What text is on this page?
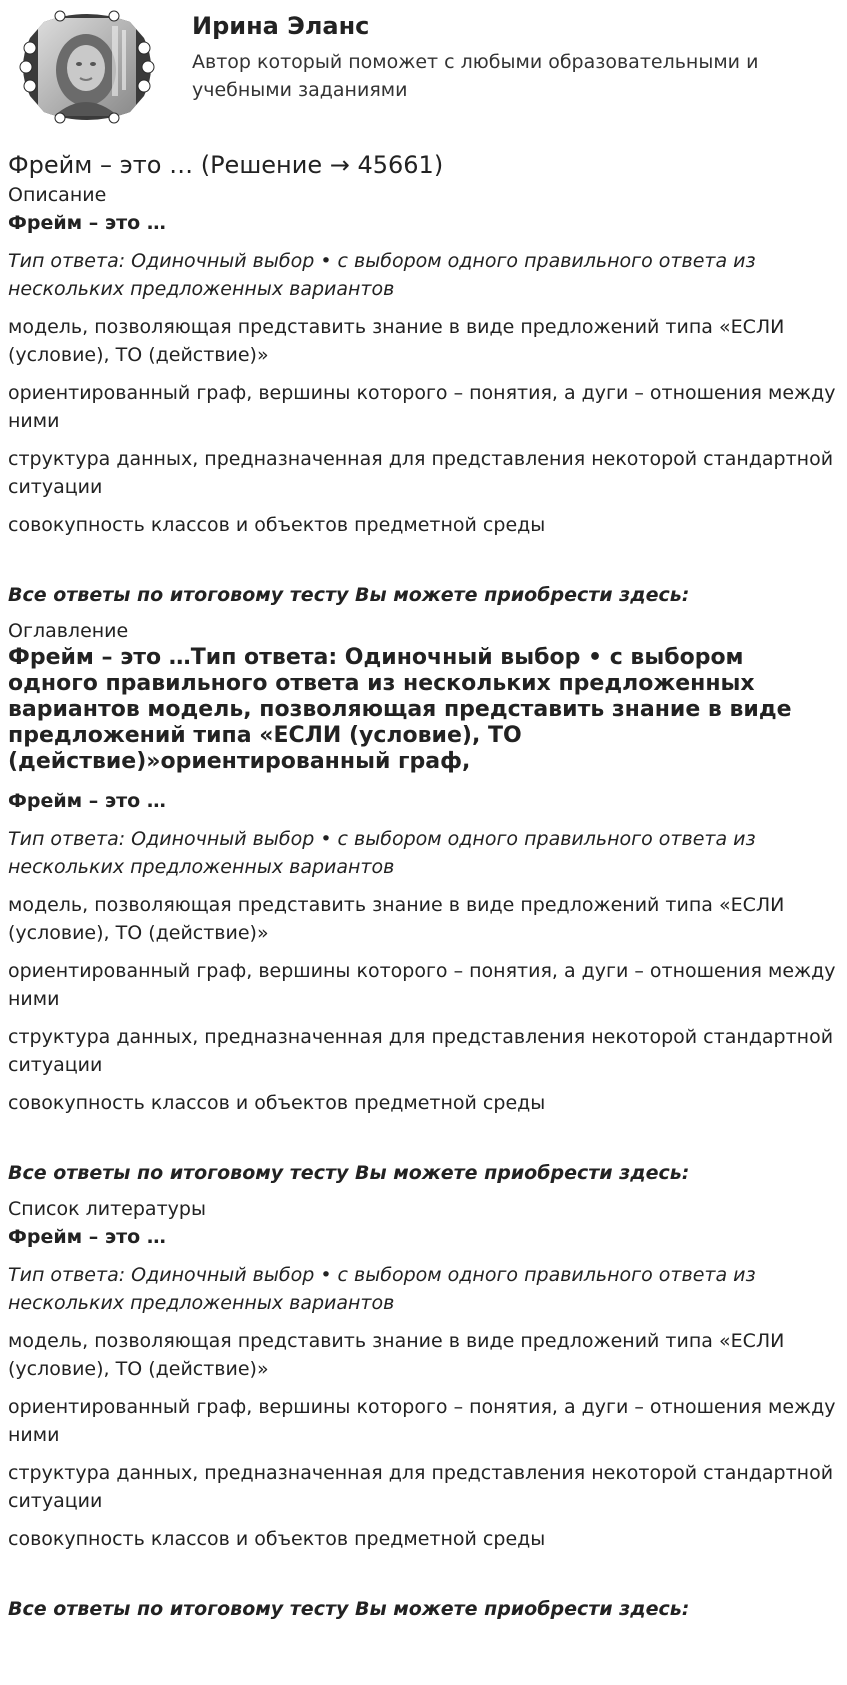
Ирина Эланс
Автор который поможет с любыми образовательными и учебными заданиями
Фрейм – это … (Решение → 45661)
Описание
Фрейм – это …
Тип ответа: Одиночный выбор • с выбором одного правильного ответа из нескольких предложенных вариантов
модель, позволяющая представить знание в виде предложений типа «ЕСЛИ (условие), ТО (действие)»
ориентированный граф, вершины которого – понятия, а дуги – отношения между ними
структура данных, предназначенная для представления некоторой стандартной ситуации
совокупность классов и объектов предметной среды
Все ответы по итоговому тесту Вы можете приобрести здесь:
Оглавление
Фрейм – это …Тип ответа: Одиночный выбор • с выбором одного правильного ответа из нескольких предложенных вариантов модель, позволяющая представить знание в виде предложений типа «ЕСЛИ (условие), ТО (действие)»ориентированный граф,
Фрейм – это …
Тип ответа: Одиночный выбор • с выбором одного правильного ответа из нескольких предложенных вариантов
модель, позволяющая представить знание в виде предложений типа «ЕСЛИ (условие), ТО (действие)»
ориентированный граф, вершины которого – понятия, а дуги – отношения между ними
структура данных, предназначенная для представления некоторой стандартной ситуации
совокупность классов и объектов предметной среды
Все ответы по итоговому тесту Вы можете приобрести здесь:
Список литературы
Фрейм – это …
Тип ответа: Одиночный выбор • с выбором одного правильного ответа из нескольких предложенных вариантов
модель, позволяющая представить знание в виде предложений типа «ЕСЛИ (условие), ТО (действие)»
ориентированный граф, вершины которого – понятия, а дуги – отношения между ними
структура данных, предназначенная для представления некоторой стандартной ситуации
совокупность классов и объектов предметной среды
Все ответы по итоговому тесту Вы можете приобрести здесь:
